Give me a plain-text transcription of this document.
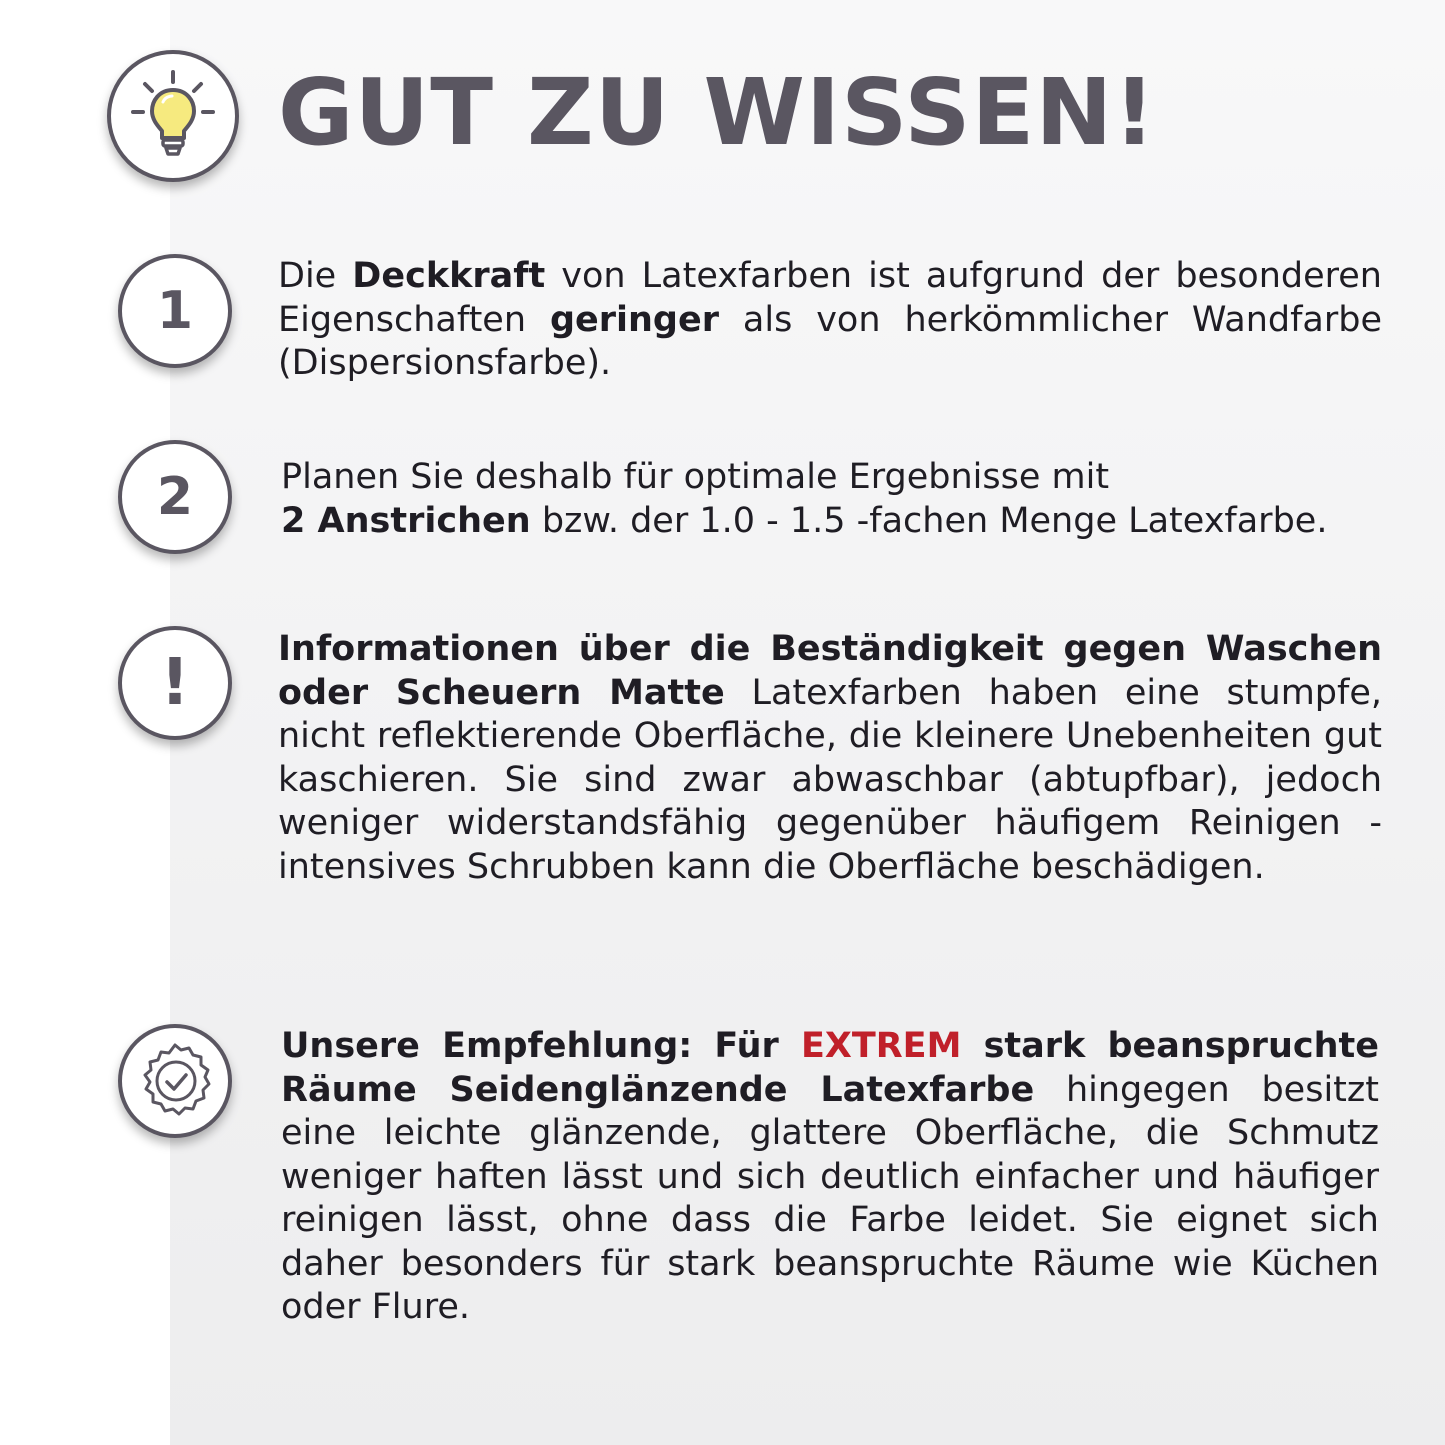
GUT ZU WISSEN!
1

Die Deckkraft von Latexfarben ist aufgrund der besonderen Eigenschaften geringer als von herkömmlicher Wandfarbe (Dispersionsfarbe).

2	Planen Sie deshalb für optimale Ergebnisse mit
2 Anstrichen bzw. der 1.0 - 1.5 -fachen Menge Latexfarbe.

!	Informationen über die Beständigkeit gegen Waschen oder Scheuern Matte Latexfarben haben eine stumpfe, nicht reflektierende Oberfläche, die kleinere Unebenheiten gut kaschieren. Sie sind zwar abwaschbar (abtupfbar), jedoch weniger widerstandsfähig gegenüber häufigem Reinigen - intensives Schrubben kann die Oberfläche beschädigen.

Unsere Empfehlung: Für EXTREM stark beanspruchte Räume Seidenglänzende Latexfarbe hingegen besitzt eine leichte glänzende, glattere Oberfläche, die Schmutz weniger haften lässt und sich deutlich einfacher und häufiger reinigen lässt, ohne dass die Farbe leidet. Sie eignet sich daher besonders für stark beanspruchte Räume wie Küchen oder Flure.
